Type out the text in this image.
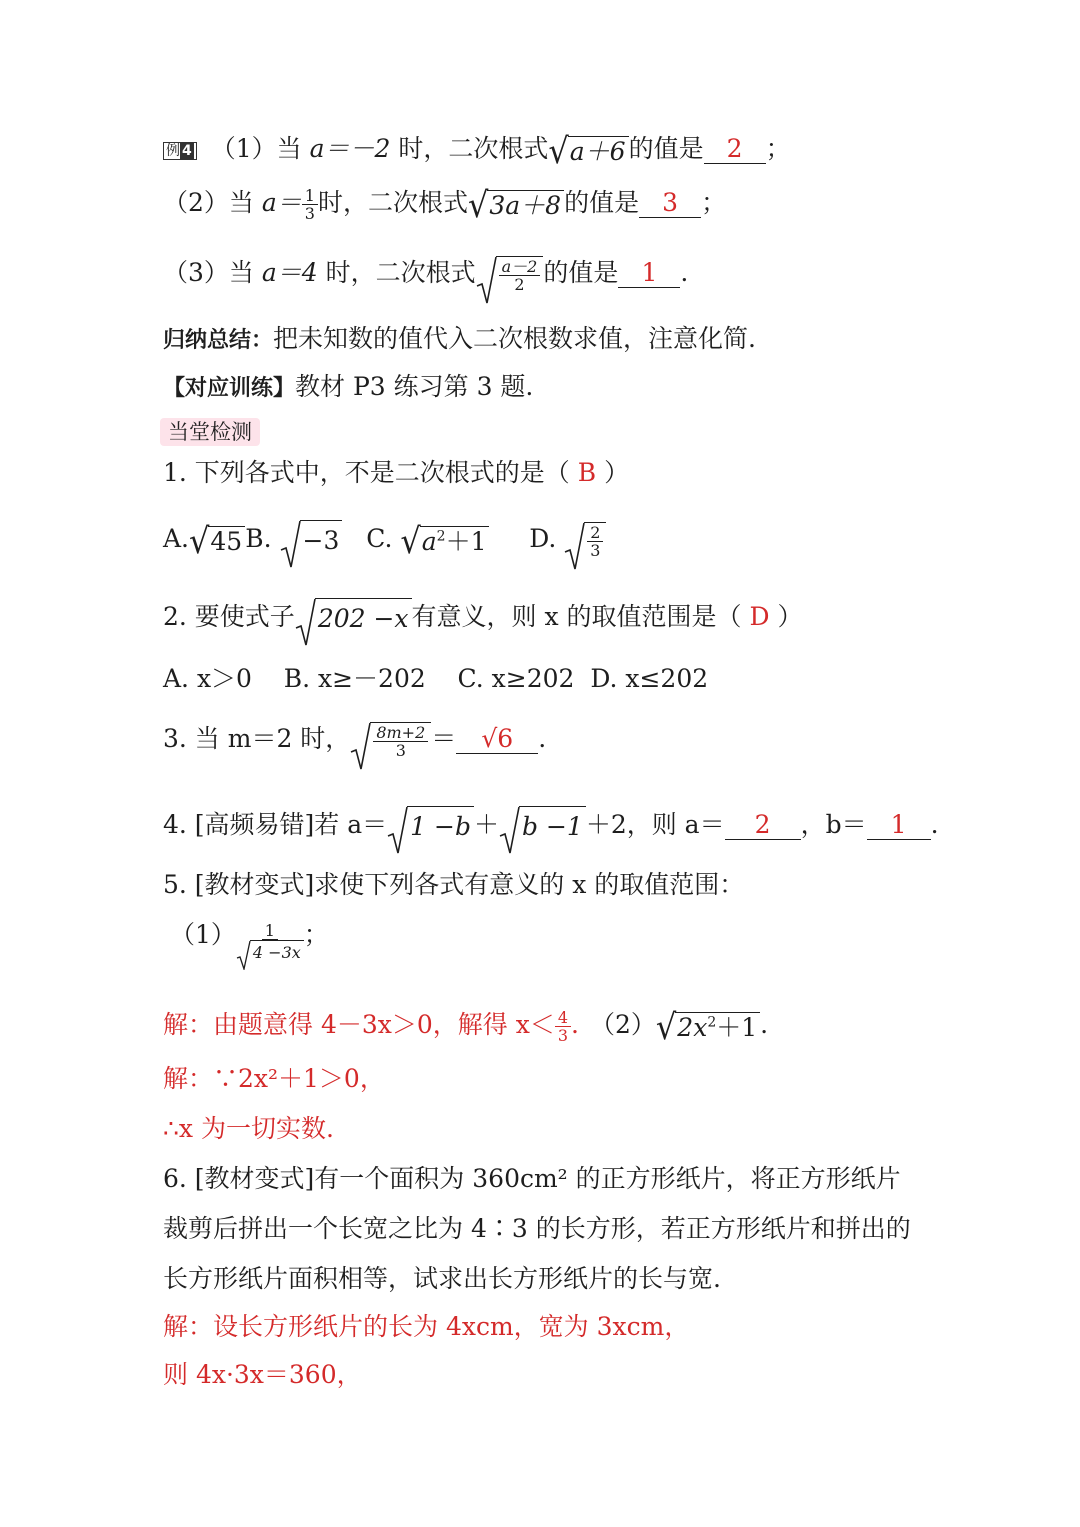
例 4 （1）当 a＝－2 时，二次根式 √ a＋6 的值是 2 ；
（2）当 $a= \frac{1}{3}$ 时，二次根式 √ 3a＋8 的值是 3 ；
（3）当 a＝4 时，二次根式 $\frac{a-2}{2}$ 的值是 1 .
归纳总结：把未知数的值代入二次根数求值，注意化简.
【对应训练】教材 P3 练习第 3 题.
当堂检测
1. 下列各式中，不是二次根式的是（ B ）
A. √ 45 B. −3 C. √ $a^2+1$ D. $\frac{2}{3}$
2. 要使式子 202 −x 有意义，则 x 的取值范围是（ D ）
A. x＞0    B. x≥－202    C. x≥202  D. x≤202
3. 当 m＝2 时， $\frac{8m+2}{3} = √6$ .
4. [高频易错]若 a＝ 1 −b ＋ b −1 ＋2，则 a＝ 2 ，b＝ 1 .
5. [教材变式]求使下列各式有意义的 x 的取值范围：
$(1) \frac{1}{4 -3x}$ ；
解：由题意得 4－3x＞0，解得 $x< \frac{4}{3}$ . （2） √ $2x^2+1$ .
解：∵2x²＋1＞0，
∴x 为一切实数.
6. [教材变式]有一个面积为 360cm² 的正方形纸片，将正方形纸片裁剪后拼出一个长宽之比为 4∶3 的长方形，若正方形纸片和拼出的长方形纸片面积相等，试求出长方形纸片的长与宽.
解：设长方形纸片的长为 4xcm，宽为 3xcm，
则 4x·3x＝360，
